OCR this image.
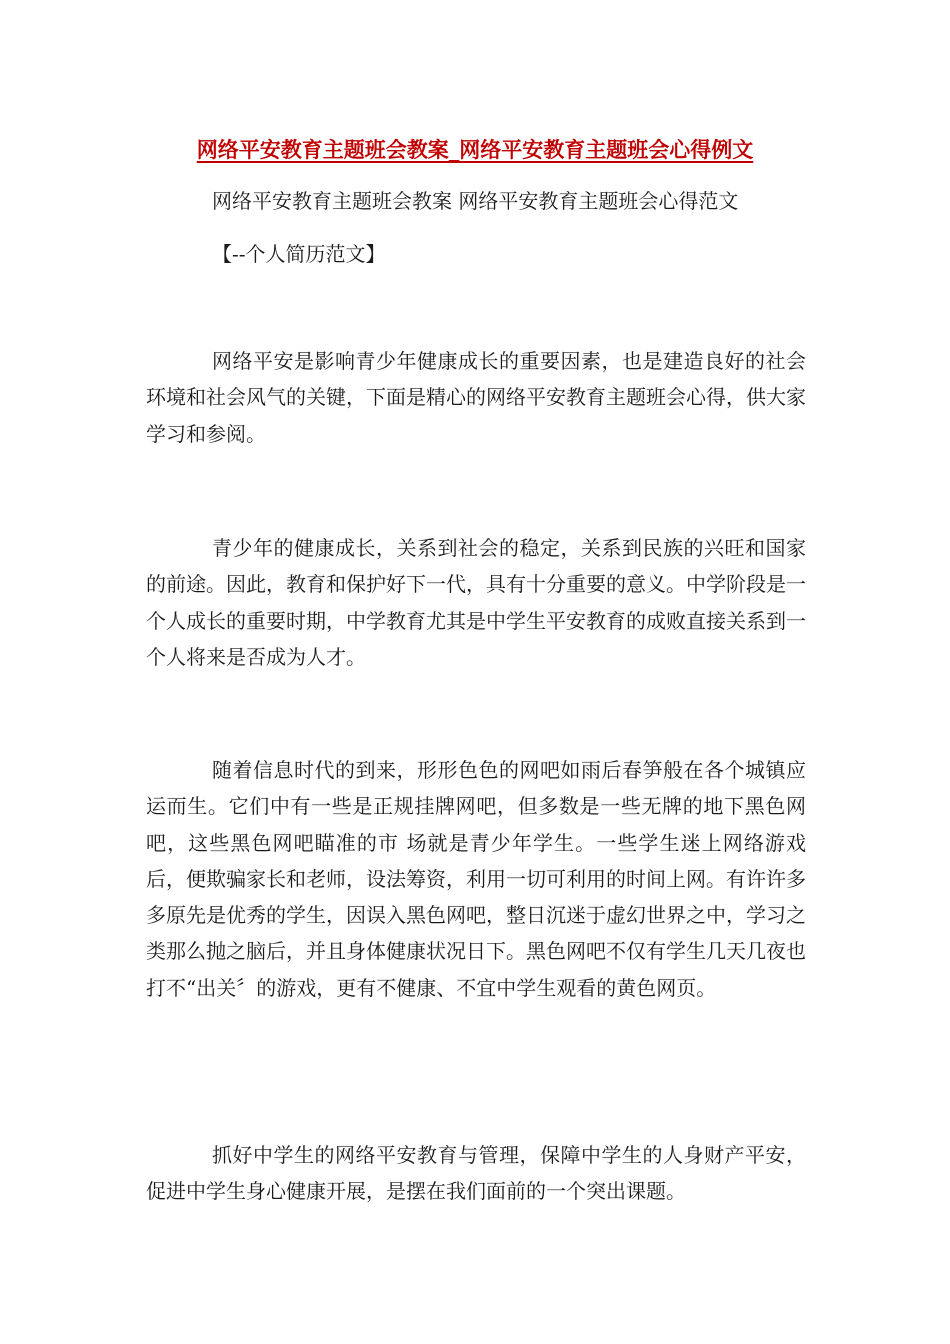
网络平安教育主题班会教案_网络平安教育主题班会心得例文
网络平安教育主题班会教案 网络平安教育主题班会心得范文
【--个人简历范文】

网络平安是影响青少年健康成长的重要因素，也是建造良好的社会环境和社会风气的关键，下面是精心的网络平安教育主题班会心得，供大家学习和参阅。

青少年的健康成长，关系到社会的稳定，关系到民族的兴旺和国家的前途。因此，教育和保护好下一代，具有十分重要的意义。中学阶段是一个人成长的重要时期，中学教育尤其是中学生平安教育的成败直接关系到一个人将来是否成为人才。

随着信息时代的到来，形形色色的网吧如雨后春笋般在各个城镇应运而生。它们中有一些是正规挂牌网吧，但多数是一些无牌的地下黑色网吧，这些黑色网吧瞄准的市 场就是青少年学生。一些学生迷上网络游戏后，便欺骗家长和老师，设法筹资，利用一切可利用的时间上网。有许许多多原先是优秀的学生，因误入黑色网吧，整日沉迷于虚幻世界之中，学习之类那么抛之脑后，并且身体健康状况日下。黑色网吧不仅有学生几天几夜也打不“出关〞的游戏，更有不健康、不宜中学生观看的黄色网页。

抓好中学生的网络平安教育与管理，保障中学生的人身财产平安，促进中学生身心健康开展，是摆在我们面前的一个突出课题。
